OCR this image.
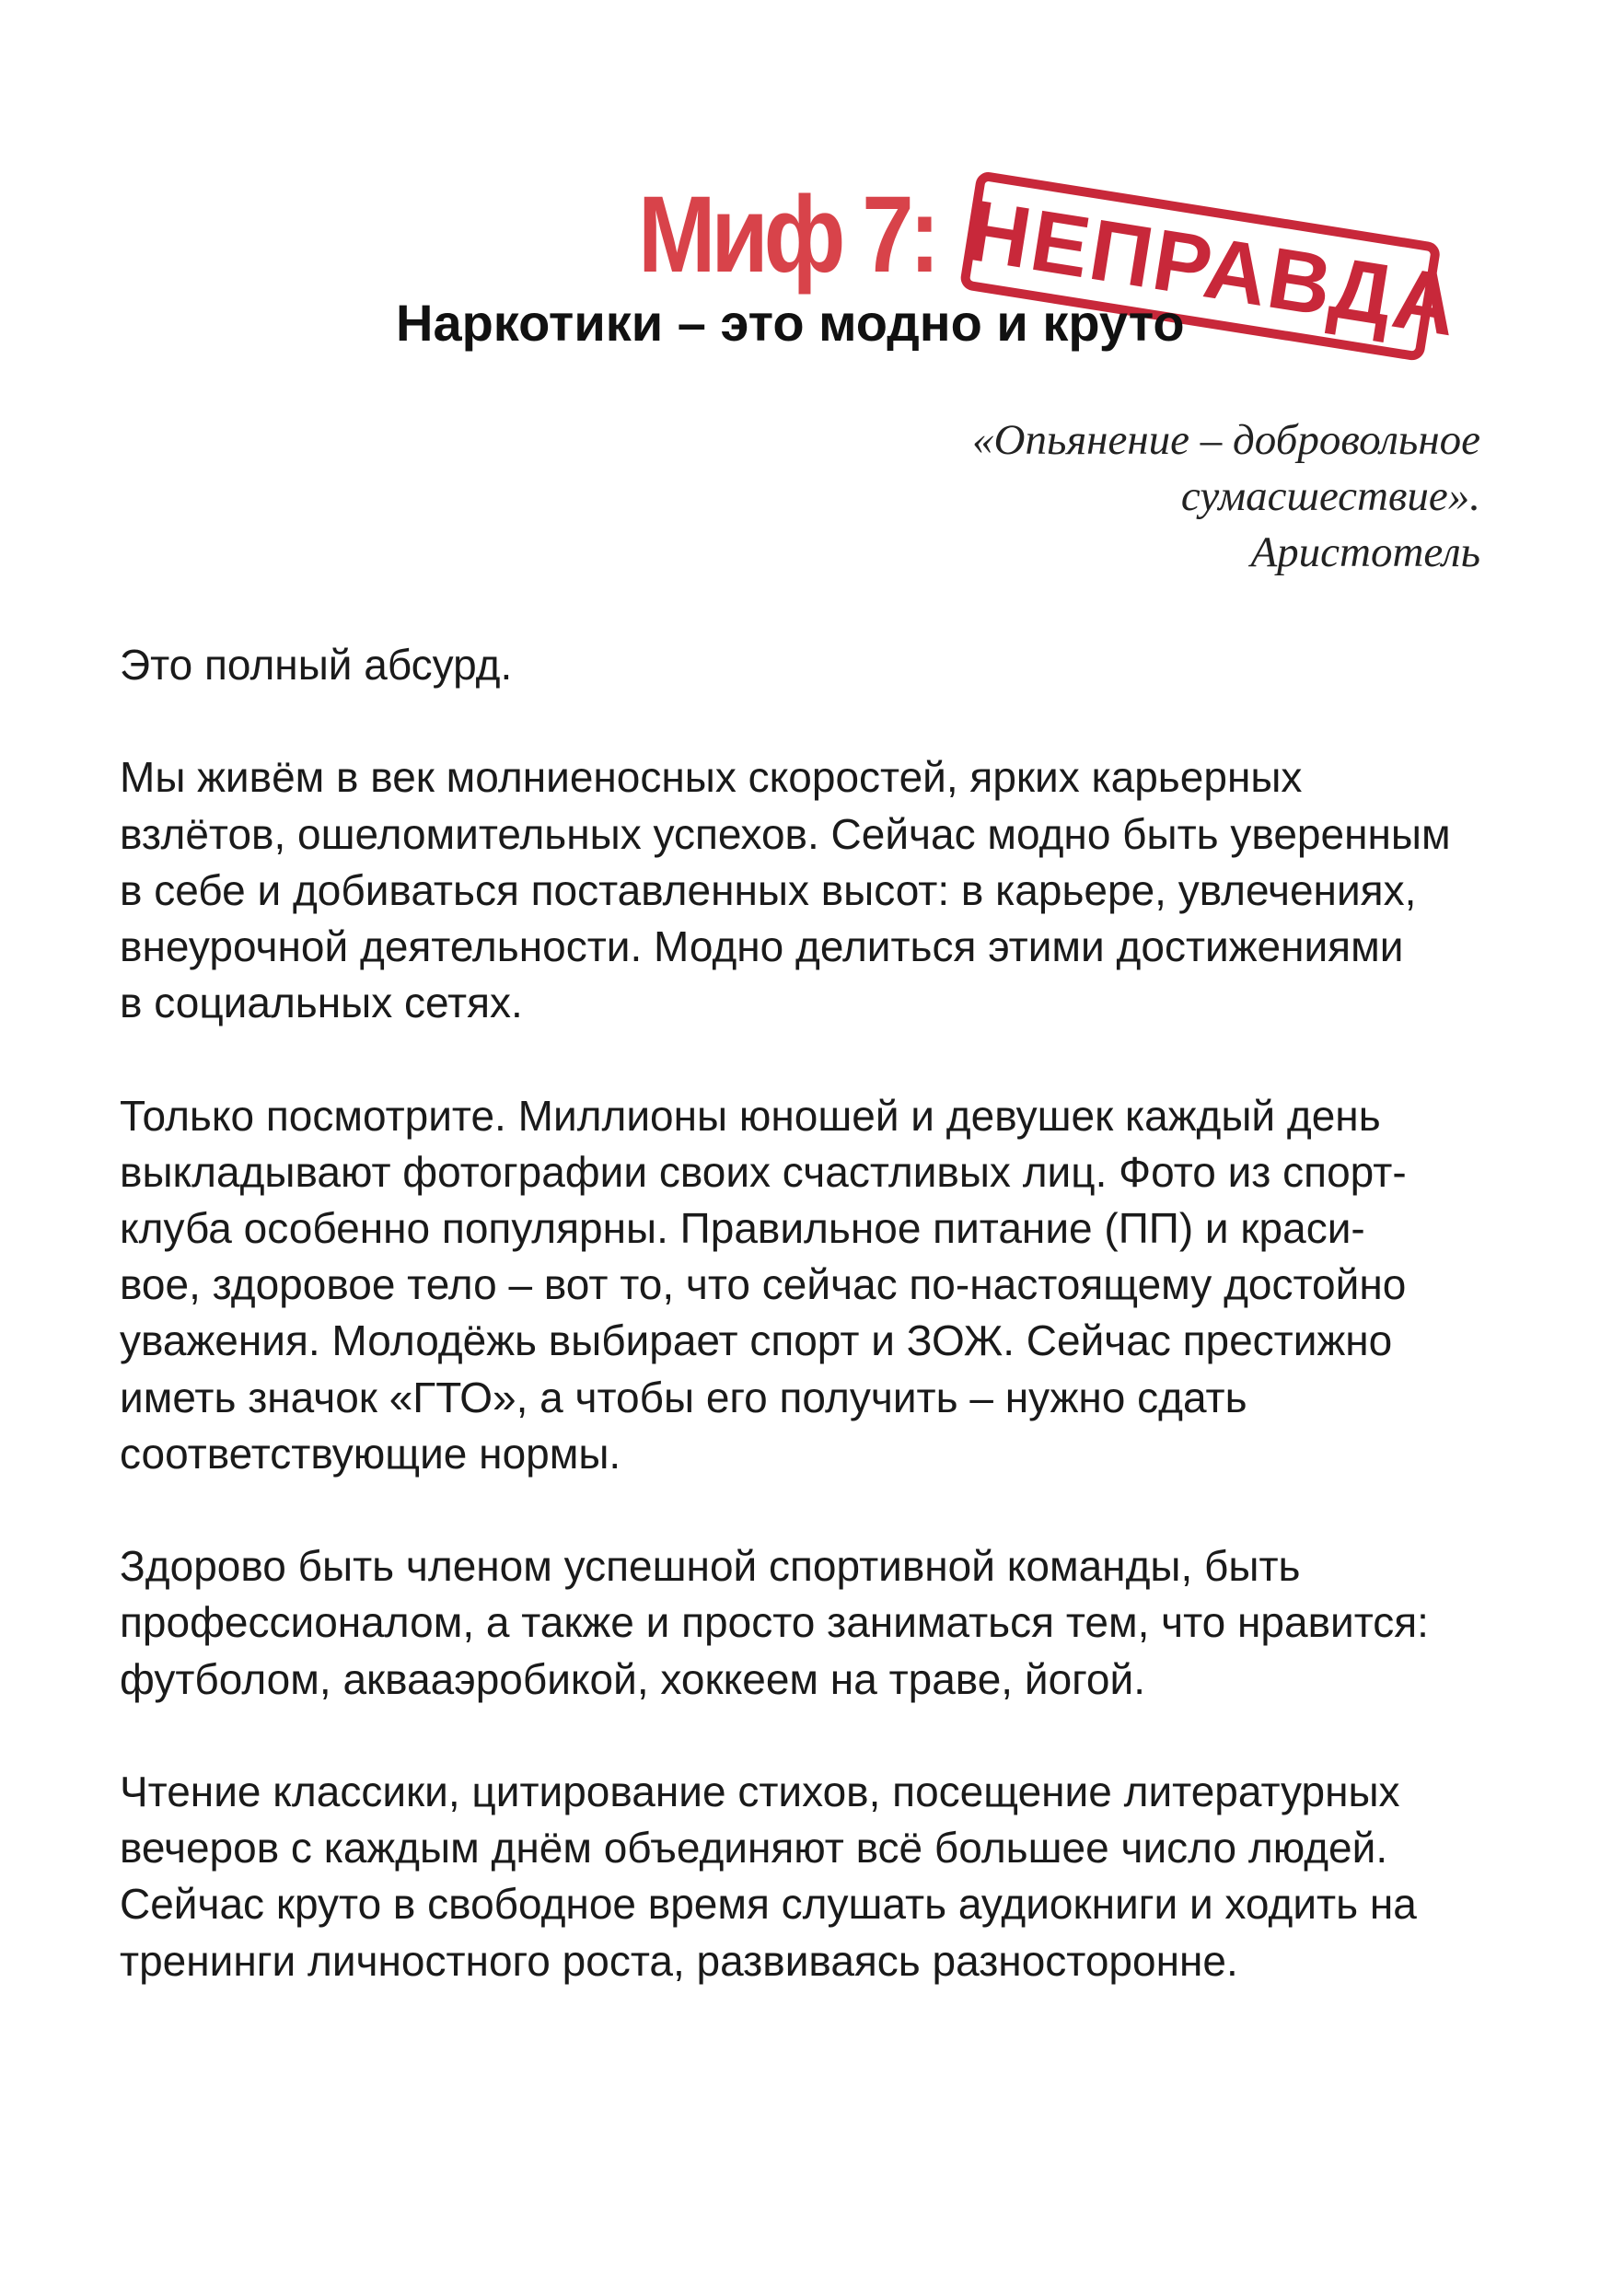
Миф 7: НЕПРАВДА
Наркотики – это модно и круто
«Опьянение – добровольное
сумасшествие».
Аристотель
Это полный абсурд.
Мы живём в век молниеносных скоростей, ярких карьерных
взлётов, ошеломительных успехов. Сейчас модно быть уверенным
в себе и добиваться поставленных высот: в карьере, увлечениях,
внеурочной деятельности. Модно делиться этими достижениями
в социальных сетях.
Только посмотрите. Миллионы юношей и девушек каждый день
выкладывают фотографии своих счастливых лиц. Фото из спорт-
клуба особенно популярны. Правильное питание (ПП) и краси-
вое, здоровое тело – вот то, что сейчас по-настоящему достойно
уважения. Молодёжь выбирает спорт и ЗОЖ. Сейчас престижно
иметь значок «ГТО», а чтобы его получить – нужно сдать
соответствующие нормы.
Здорово быть членом успешной спортивной команды, быть
профессионалом, а также и просто заниматься тем, что нравится:
футболом, аквааэробикой, хоккеем на траве, йогой.
Чтение классики, цитирование стихов, посещение литературных
вечеров с каждым днём объединяют всё большее число людей.
Сейчас круто в свободное время слушать аудиокниги и ходить на
тренинги личностного роста, развиваясь разносторонне.
